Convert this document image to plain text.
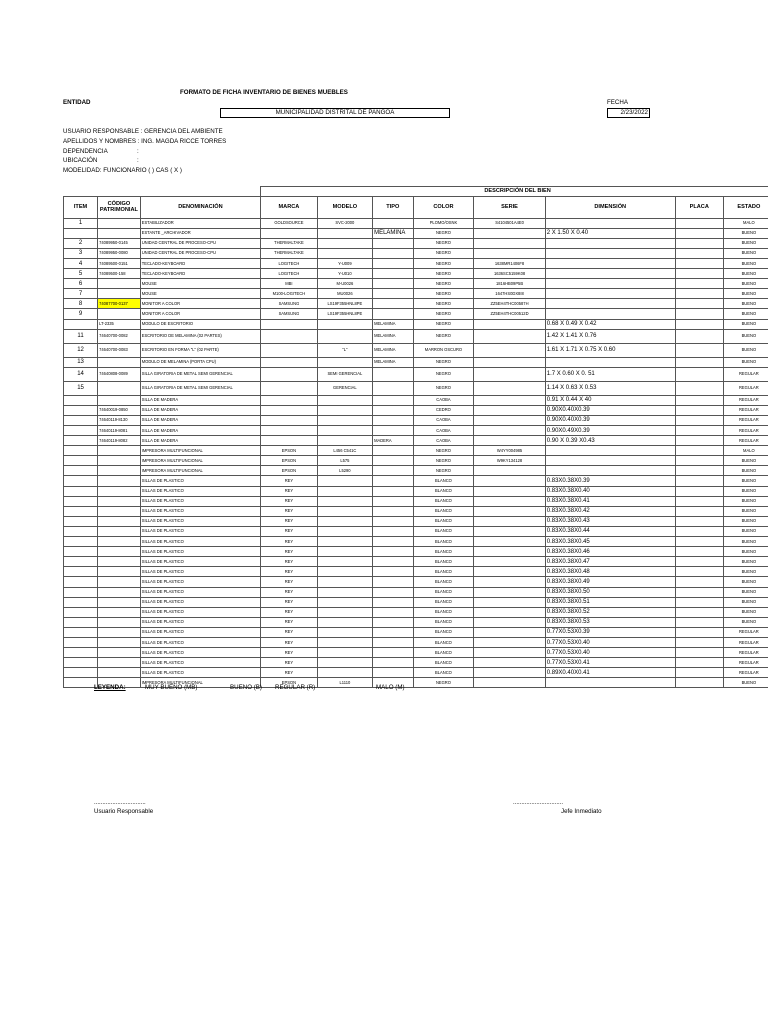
FORMATO DE FICHA INVENTARIO DE BIENES MUEBLES
ENTIDAD
MUNICIPALIDAD DISTRITAL DE PANGOA
FECHA
2/23/2022
USUARIO RESPONSABLE : GERENCIA DEL AMBIENTE
APELLIDOS Y NOMBRES : ING. MAGDA RICCE TORRES
DEPENDENCIA	:
UBICACIÓN	:
MODELIDAD: FUNCIONARIO ( ) CAS ( X )
			DESCRIPCIÓN DEL BIEN							
ITEM	CÓDIGO PATRIMONIAL	DENOMINACIÓN	MARCA	MODELO	TIPO	COLOR	SERIE	DIMENSIÓN	PLACA	ESTADO
1		ESTABILIZADOR	GOLDSOURCE	SVC-2000		PLOMO/OSNK	S4104501A4E0			MALO
		ESTANTE _ARCHIVADOR			MELAMINA	NEGRO		2 X 1.50 X 0.40		BUENO
2	74089950-0145	UNIDAD CENTRAL DE PROCESO-CPU	THERMALTAKE			NEGRO				BUENO
3	74089950-0080	UNIDAD CENTRAL DE PROCESO-CPU	THERMALTAKE			NEGRO				BUENO
4	74089500-0151	TECLADO-KEYBOARD	LOGITECH	Y-U009		NEGRO	1638MR1406F8			BUENO
5	74089500-158	TECLADO-KEYBOARD	LOGITECH	Y-U010		NEGRO	1636SC5159K08			BUENO
6		MOUSE	MBI	M-U0026		NEGRO	1816HB09P5B			BUENO
7		MOUSE	M100-LOGITECH	MU0026		NEGRO	1647HS0DX8I8			BUENO
8	74087700-0137	MONITOR A COLOR	SAMSUNG	LS19F355HNL8PE		NEGRO	ZZ5EH4THC00587H			BUENO
9		MONITOR A COLOR	SAMSUNG	LS19F355HNL8PE		NEGRO	ZZ5EH4THC00512D			BUENO
	LT-2335	MODULO DE ESCRITORIO			MELAMINA	NEGRO		0.68 X 0.49 X 0.42		BUENO
11	74640700-0082	ESCRITORIO DE MELAMINA (02 PARTES)			MELAMINA	NEGRO		1.42 X 1.41 X 0.76		BUENO
12	74640700-0083	ESCRITORIO EN FORMA "L" (02 PARTE)		"L"	MELAMINA	MARRON OSCURO		1.61 X 1.71 X 0.75 X 0.60		BUENO
13		MODULO DE MELAMINA (PORTA CPU)			MELAMINA	NEGRO				BUENO
14	74640808-0089	SILLA GIRATORIA DE METAL SEMI GERENCIAL		SEMI GERENCIAL		NEGRO		1.7 X 0.60 X 0. 51		REGULAR
15		SILLA GIRATORIA DE METAL SEMI GERENCIAL		GERENCIAL		NEGRO		1.14 X 0.63 X 0.53		REGULAR
		SILLA DE MADERA				CAOBA		0.91 X 0.44 X 40		REGULAR
	74640019-0850	SILLA DE MADERA				CEDRO		0.90X0.40X0.39		REGULAR
	74640119-8130	SILLA DE MADERA				CAOBA		0.90X0.40X0.39		REGULAR
	74640119-8081	SILLA DE MADERA				CAOBA		0.90X0.49X0.39		REGULAR
	74640119-8082	SILLA DE MADERA			MADERA	CAOBA		0.90 X 0.39 X0.43		REGULAR
		IMPRESORA MULTIFUNCIONAL	EPSON	L456 C541C		NEGRO	W4YY004985			MALO
		IMPRESORA MULTIFUNCIONAL	EPSON	L575		NEGRO	W9KY134128			BUENO
		IMPRESORA MULTIFUNCIONAL	EPSON	L5290		NEGRO				BUENO
		SILLAS DE PLASTICO	REY			BLANCO		0.83X0.38X0.39		BUENO
		SILLAS DE PLASTICO	REY			BLANCO		0.83X0.38X0.40		BUENO
		SILLAS DE PLASTICO	REY			BLANCO		0.83X0.38X0.41		BUENO
		SILLAS DE PLASTICO	REY			BLANCO		0.83X0.38X0.42		BUENO
		SILLAS DE PLASTICO	REY			BLANCO		0.83X0.38X0.43		BUENO
		SILLAS DE PLASTICO	REY			BLANCO		0.83X0.38X0.44		BUENO
		SILLAS DE PLASTICO	REY			BLANCO		0.83X0.38X0.45		BUENO
		SILLAS DE PLASTICO	REY			BLANCO		0.83X0.38X0.46		BUENO
		SILLAS DE PLASTICO	REY			BLANCO		0.83X0.38X0.47		BUENO
		SILLAS DE PLASTICO	REY			BLANCO		0.83X0.38X0.48		BUENO
		SILLAS DE PLASTICO	REY			BLANCO		0.83X0.38X0.49		BUENO
		SILLAS DE PLASTICO	REY			BLANCO		0.83X0.38X0.50		BUENO
		SILLAS DE PLASTICO	REY			BLANCO		0.83X0.38X0.51		BUENO
		SILLAS DE PLASTICO	REY			BLANCO		0.83X0.38X0.52		BUENO
		SILLAS DE PLASTICO	REY			BLANCO		0.83X0.38X0.53		BUENO
		SILLAS DE PLASTICO	REY			BLANCO		0.77X0.53X0.39		REGULAR
		SILLAS DE PLASTICO	REY			BLANCO		0.77X0.53X0.40		REGULAR
		SILLAS DE PLASTICO	REY			BLANCO		0.77X0.53X0.40		REGULAR
		SILLAS DE PLASTICO	REY			BLANCO		0.77X0.53X0.41		REGULAR
		SILLAS DE PLASTICO	REY			BLANCO		0.89X0.40X0.41		REGULAR
		IMPRESORA MULTIFUNCIONAL	EPSON	L1110		NEGRO				BUENO
LEYENDA:	MUY BUENO (MB)	BUENO (B) REGULAR (R)	MALO (M)
...............................
Usuario Responsable
..............................
Jefe Inmediato
